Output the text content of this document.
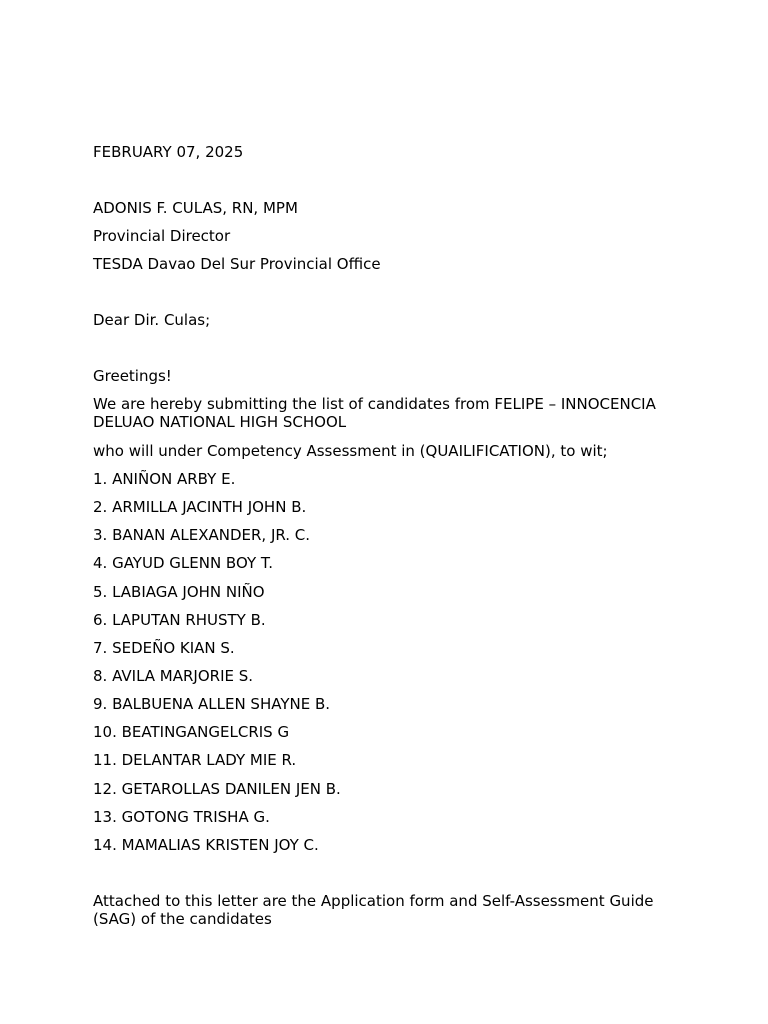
FEBRUARY 07, 2025
ADONIS F. CULAS, RN, MPM
Provincial Director
TESDA Davao Del Sur Provincial Office
Dear Dir. Culas;
Greetings!
We are hereby submitting the list of candidates from FELIPE – INNOCENCIA DELUAO NATIONAL HIGH SCHOOL
who will under Competency Assessment in (QUAILIFICATION), to wit;
1. ANIÑON ARBY E.
2. ARMILLA JACINTH JOHN B.
3. BANAN ALEXANDER, JR. C.
4. GAYUD GLENN BOY T.
5. LABIAGA JOHN NIÑO
6. LAPUTAN RHUSTY B.
7. SEDEÑO KIAN S.
8. AVILA MARJORIE S.
9. BALBUENA ALLEN SHAYNE B.
10. BEATINGANGELCRIS G
11. DELANTAR LADY MIE R.
12. GETAROLLAS DANILEN JEN B.
13. GOTONG TRISHA G.
14. MAMALIAS KRISTEN JOY C.
Attached to this letter are the Application form and Self-Assessment Guide (SAG) of the candidates
